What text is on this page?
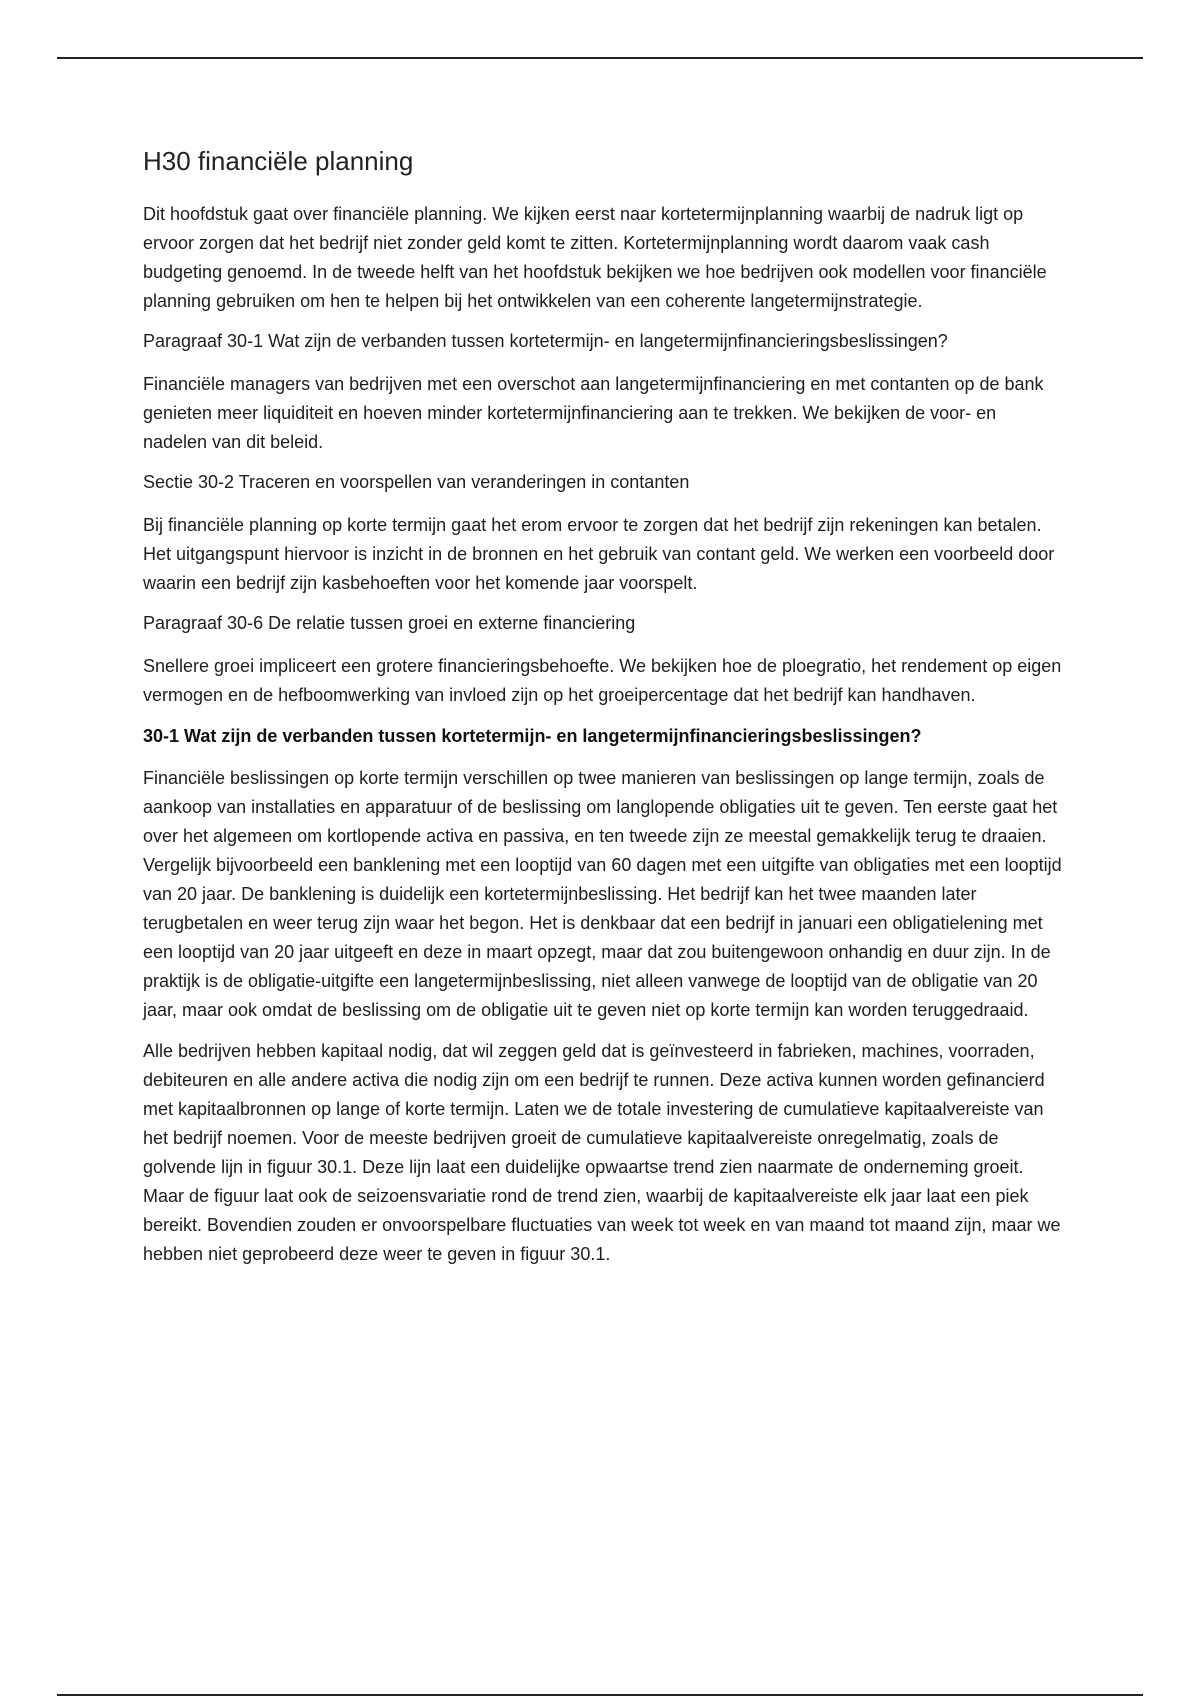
H30 financiële planning

Dit hoofdstuk gaat over financiële planning. We kijken eerst naar kortetermijnplanning waarbij de nadruk ligt op ervoor zorgen dat het bedrijf niet zonder geld komt te zitten. Kortetermijnplanning wordt daarom vaak cash budgeting genoemd. In de tweede helft van het hoofdstuk bekijken we hoe bedrijven ook modellen voor financiële planning gebruiken om hen te helpen bij het ontwikkelen van een coherente langetermijnstrategie.

Paragraaf 30-1 Wat zijn de verbanden tussen kortetermijn- en langetermijnfinancieringsbeslissingen?

Financiële managers van bedrijven met een overschot aan langetermijnfinanciering en met contanten op de bank genieten meer liquiditeit en hoeven minder kortetermijnfinanciering aan te trekken. We bekijken de voor- en nadelen van dit beleid.

Sectie 30-2 Traceren en voorspellen van veranderingen in contanten

Bij financiële planning op korte termijn gaat het erom ervoor te zorgen dat het bedrijf zijn rekeningen kan betalen. Het uitgangspunt hiervoor is inzicht in de bronnen en het gebruik van contant geld. We werken een voorbeeld door waarin een bedrijf zijn kasbehoeften voor het komende jaar voorspelt.

Paragraaf 30-6 De relatie tussen groei en externe financiering

Snellere groei impliceert een grotere financieringsbehoefte. We bekijken hoe de ploegratio, het rendement op eigen vermogen en de hefboomwerking van invloed zijn op het groeipercentage dat het bedrijf kan handhaven.

30-1 Wat zijn de verbanden tussen kortetermijn- en langetermijnfinancieringsbeslissingen?

Financiële beslissingen op korte termijn verschillen op twee manieren van beslissingen op lange termijn, zoals de aankoop van installaties en apparatuur of de beslissing om langlopende obligaties uit te geven. Ten eerste gaat het over het algemeen om kortlopende activa en passiva, en ten tweede zijn ze meestal gemakkelijk terug te draaien. Vergelijk bijvoorbeeld een banklening met een looptijd van 60 dagen met een uitgifte van obligaties met een looptijd van 20 jaar. De banklening is duidelijk een kortetermijnbeslissing. Het bedrijf kan het twee maanden later terugbetalen en weer terug zijn waar het begon. Het is denkbaar dat een bedrijf in januari een obligatielening met een looptijd van 20 jaar uitgeeft en deze in maart opzegt, maar dat zou buitengewoon onhandig en duur zijn. In de praktijk is de obligatie-uitgifte een langetermijnbeslissing, niet alleen vanwege de looptijd van de obligatie van 20 jaar, maar ook omdat de beslissing om de obligatie uit te geven niet op korte termijn kan worden teruggedraaid.

Alle bedrijven hebben kapitaal nodig, dat wil zeggen geld dat is geïnvesteerd in fabrieken, machines, voorraden, debiteuren en alle andere activa die nodig zijn om een bedrijf te runnen. Deze activa kunnen worden gefinancierd met kapitaalbronnen op lange of korte termijn. Laten we de totale investering de cumulatieve kapitaalvereiste van het bedrijf noemen. Voor de meeste bedrijven groeit de cumulatieve kapitaalvereiste onregelmatig, zoals de golvende lijn in figuur 30.1. Deze lijn laat een duidelijke opwaartse trend zien naarmate de onderneming groeit. Maar de figuur laat ook de seizoensvariatie rond de trend zien, waarbij de kapitaalvereiste elk jaar laat een piek bereikt. Bovendien zouden er onvoorspelbare fluctuaties van week tot week en van maand tot maand zijn, maar we hebben niet geprobeerd deze weer te geven in figuur 30.1.
